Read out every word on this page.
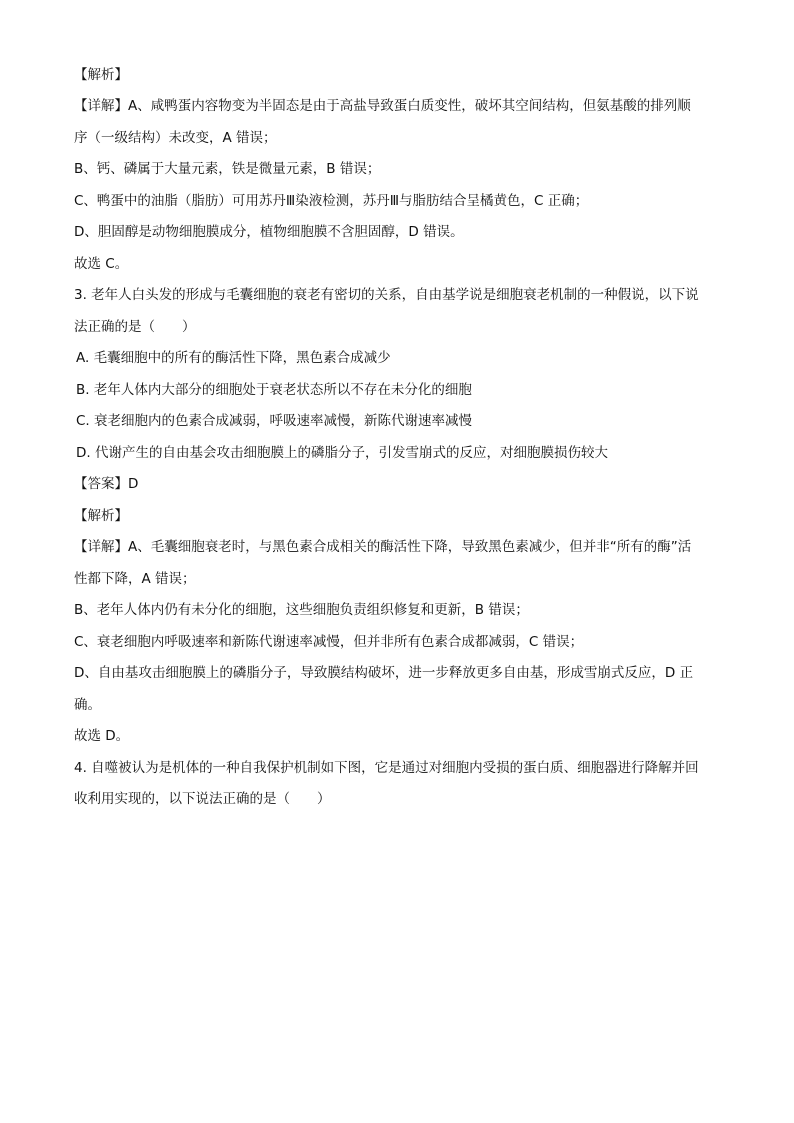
【解析】
【详解】A、咸鸭蛋内容物变为半固态是由于高盐导致蛋白质变性，破坏其空间结构，但氨基酸的排列顺
序（一级结构）未改变，A 错误；
B、钙、磷属于大量元素，铁是微量元素，B 错误；
C、鸭蛋中的油脂（脂肪）可用苏丹Ⅲ染液检测，苏丹Ⅲ与脂肪结合呈橘黄色，C 正确；
D、胆固醇是动物细胞膜成分，植物细胞膜不含胆固醇，D 错误。
故选 C。
3. 老年人白头发的形成与毛囊细胞的衰老有密切的关系，自由基学说是细胞衰老机制的一种假说，以下说
法正确的是（　　）
A. 毛囊细胞中的所有的酶活性下降，黑色素合成减少
B. 老年人体内大部分的细胞处于衰老状态所以不存在未分化的细胞
C. 衰老细胞内的色素合成减弱，呼吸速率减慢，新陈代谢速率减慢
D. 代谢产生的自由基会攻击细胞膜上的磷脂分子，引发雪崩式的反应，对细胞膜损伤较大
【答案】D
【解析】
【详解】A、毛囊细胞衰老时，与黑色素合成相关的酶活性下降，导致黑色素减少，但并非“所有的酶”活
性都下降，A 错误；
B、老年人体内仍有未分化的细胞，这些细胞负责组织修复和更新，B 错误；
C、衰老细胞内呼吸速率和新陈代谢速率减慢，但并非所有色素合成都减弱，C 错误；
D、自由基攻击细胞膜上的磷脂分子，导致膜结构破坏，进一步释放更多自由基，形成雪崩式反应，D 正
确。
故选 D。
4. 自噬被认为是机体的一种自我保护机制如下图，它是通过对细胞内受损的蛋白质、细胞器进行降解并回
收利用实现的，以下说法正确的是（　　）
